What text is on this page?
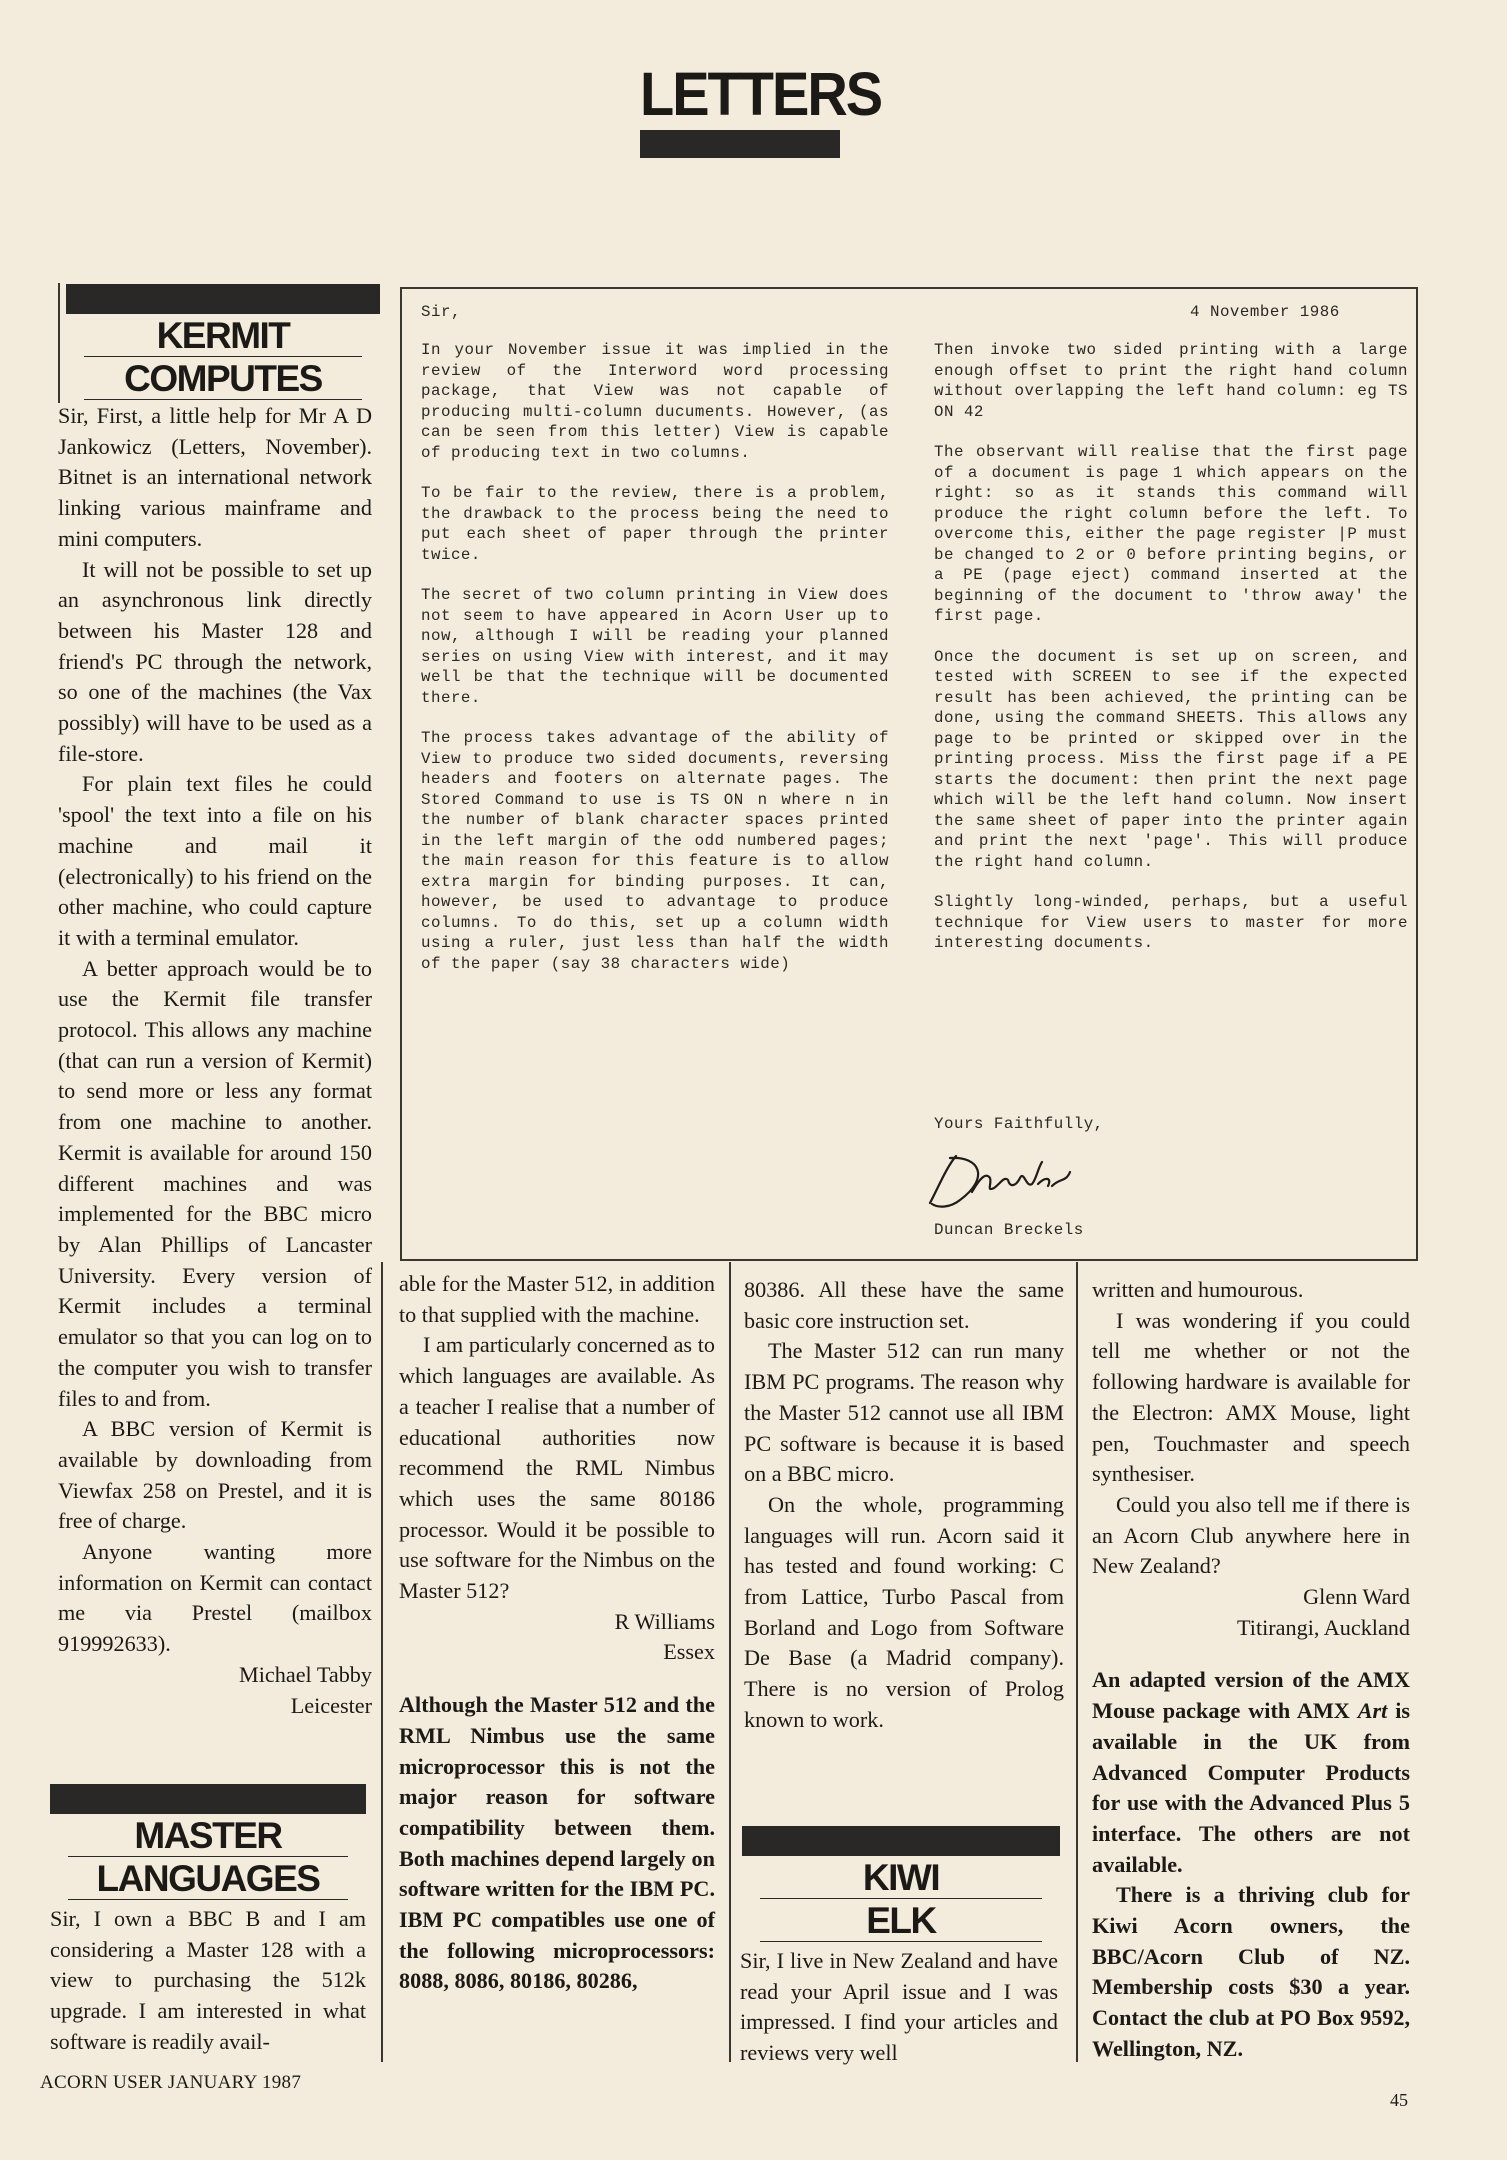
LETTERS
KERMIT
COMPUTES

Sir, First, a little help for Mr A D Jankowicz (Letters, November). Bitnet is an international network linking various mainframe and mini computers.

It will not be possible to set up an asynchronous link directly between his Master 128 and friend's PC through the network, so one of the machines (the Vax possibly) will have to be used as a file-store.

For plain text files he could 'spool' the text into a file on his machine and mail it (electronically) to his friend on the other machine, who could capture it with a terminal emulator.

A better approach would be to use the Kermit file transfer protocol. This allows any machine (that can run a version of Kermit) to send more or less any format from one machine to another. Kermit is available for around 150 different machines and was implemented for the BBC micro by Alan Phillips of Lancaster University. Every version of Kermit includes a terminal emulator so that you can log on to the computer you wish to transfer files to and from.

A BBC version of Kermit is available by downloading from Viewfax 258 on Prestel, and it is free of charge.

Anyone wanting more information on Kermit can contact me via Prestel (mailbox 919992633).

Michael Tabby

Leicester

MASTER
LANGUAGES

Sir, I own a BBC B and I am considering a Master 128 with a view to purchasing the 512k upgrade. I am interested in what software is readily avail-

Sir,	4 November 1986

In your November issue it was implied in the review of the Interword word processing package, that View was not capable of producing multi-column ducuments. However, (as can be seen from this letter) View is capable of producing text in two columns.

To be fair to the review, there is a problem, the drawback to the process being the need to put each sheet of paper through the printer twice.

The secret of two column printing in View does not seem to have appeared in Acorn User up to now, although I will be reading your planned series on using View with interest, and it may well be that the technique will be documented there.

The process takes advantage of the ability of View to produce two sided documents, reversing headers and footers on alternate pages. The Stored Command to use is TS ON n where n in the number of blank character spaces printed in the left margin of the odd numbered pages; the main reason for this feature is to allow extra margin for binding purposes. It can, however, be used to advantage to produce columns. To do this, set up a column width using a ruler, just less than half the width of the paper (say 38 characters wide)

Then invoke two sided printing with a large enough offset to print the right hand column without overlapping the left hand column: eg TS ON 42

The observant will realise that the first page of a document is page 1 which appears on the right: so as it stands this command will produce the right column before the left. To overcome this, either the page register |P must be changed to 2 or 0 before printing begins, or a PE (page eject) command inserted at the beginning of the document to 'throw away' the first page.

Once the document is set up on screen, and tested with SCREEN to see if the expected result has been achieved, the printing can be done, using the command SHEETS. This allows any page to be printed or skipped over in the printing process. Miss the first page if a PE starts the document: then print the next page which will be the left hand column. Now insert the same sheet of paper into the printer again and print the next 'page'. This will produce the right hand column.

Slightly long-winded, perhaps, but a useful technique for View users to master for more interesting documents.

Yours Faithfully,
Duncan Breckels

able for the Master 512, in addition to that supplied with the machine.

I am particularly concerned as to which languages are available. As a teacher I realise that a number of educational authorities now recommend the RML Nimbus which uses the same 80186 processor. Would it be possible to use software for the Nimbus on the Master 512?

R Williams

Essex

Although the Master 512 and the RML Nimbus use the same microprocessor this is not the major reason for software compatibility between them. Both machines depend largely on software written for the IBM PC. IBM PC compatibles use one of the following microprocessors: 8088, 8086, 80186, 80286,

80386. All these have the same basic core instruction set.

The Master 512 can run many IBM PC programs. The reason why the Master 512 cannot use all IBM PC software is because it is based on a BBC micro.

On the whole, programming languages will run. Acorn said it has tested and found working: C from Lattice, Turbo Pascal from Borland and Logo from Software De Base (a Madrid company). There is no version of Prolog known to work.

KIWI
ELK

Sir, I live in New Zealand and have read your April issue and I was impressed. I find your articles and reviews very well

written and humourous.

I was wondering if you could tell me whether or not the following hardware is available for the Electron: AMX Mouse, light pen, Touchmaster and speech synthesiser.

Could you also tell me if there is an Acorn Club anywhere here in New Zealand?

Glenn Ward

Titirangi, Auckland

An adapted version of the AMX Mouse package with AMX Art is available in the UK from Advanced Computer Products for use with the Advanced Plus 5 interface. The others are not available.

There is a thriving club for Kiwi Acorn owners, the BBC/Acorn Club of NZ. Membership costs $30 a year. Contact the club at PO Box 9592, Wellington, NZ.

ACORN USER JANUARY 1987
45
